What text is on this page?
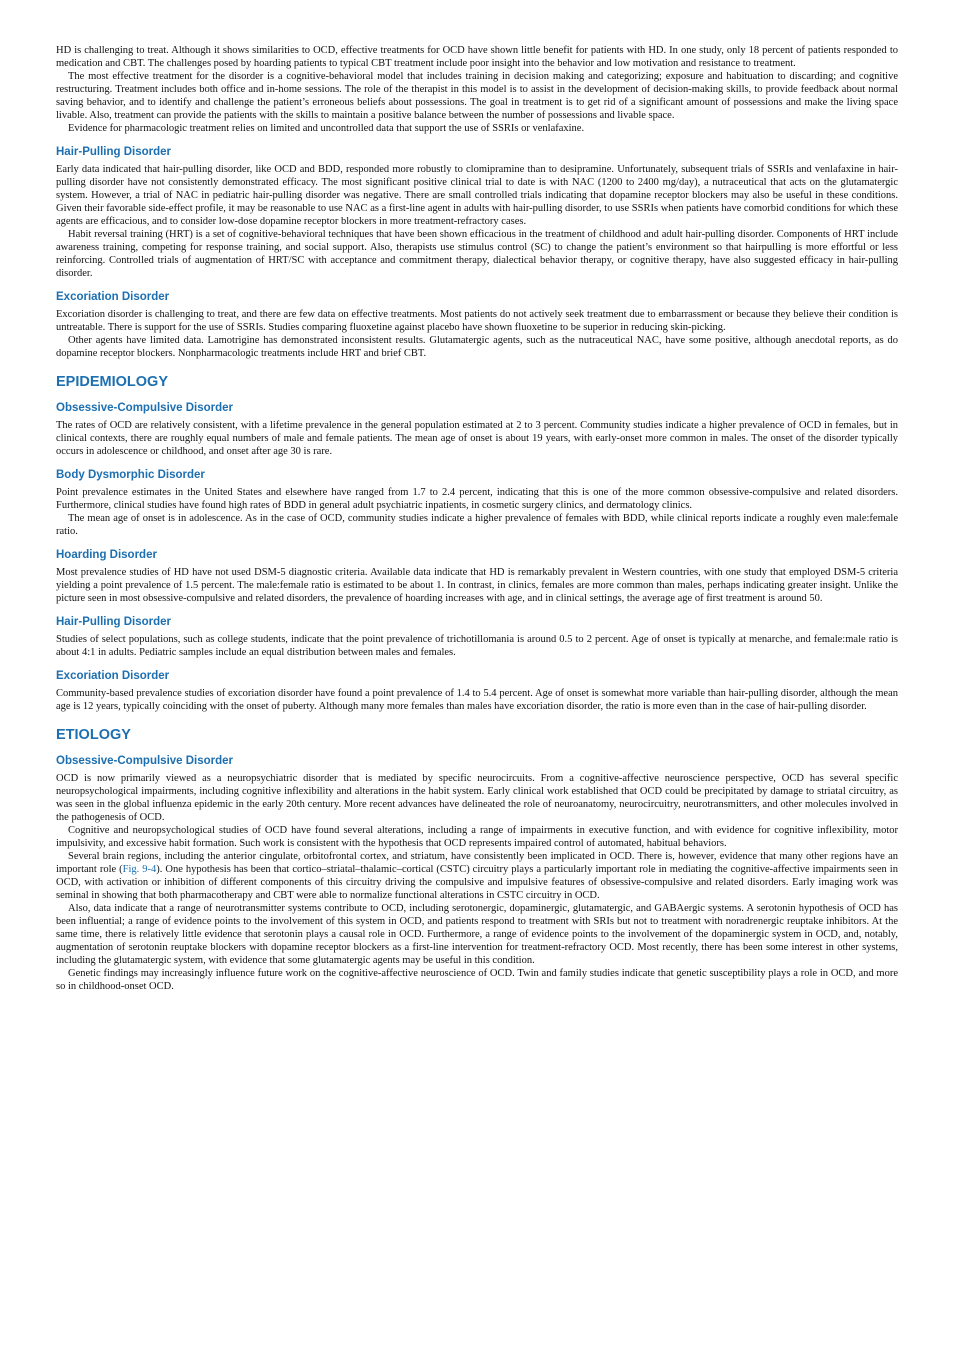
HD is challenging to treat. Although it shows similarities to OCD, effective treatments for OCD have shown little benefit for patients with HD. In one study, only 18 percent of patients responded to medication and CBT. The challenges posed by hoarding patients to typical CBT treatment include poor insight into the behavior and low motivation and resistance to treatment.

The most effective treatment for the disorder is a cognitive-behavioral model that includes training in decision making and categorizing; exposure and habituation to discarding; and cognitive restructuring. Treatment includes both office and in-home sessions. The role of the therapist in this model is to assist in the development of decision-making skills, to provide feedback about normal saving behavior, and to identify and challenge the patient’s erroneous beliefs about possessions. The goal in treatment is to get rid of a significant amount of possessions and make the living space livable. Also, treatment can provide the patients with the skills to maintain a positive balance between the number of possessions and livable space.

Evidence for pharmacologic treatment relies on limited and uncontrolled data that support the use of SSRIs or venlafaxine.

Hair-Pulling Disorder

Early data indicated that hair-pulling disorder, like OCD and BDD, responded more robustly to clomipramine than to desipramine. Unfortunately, subsequent trials of SSRIs and venlafaxine in hair-pulling disorder have not consistently demonstrated efficacy. The most significant positive clinical trial to date is with NAC (1200 to 2400 mg/day), a nutraceutical that acts on the glutamatergic system. However, a trial of NAC in pediatric hair-pulling disorder was negative. There are small controlled trials indicating that dopamine receptor blockers may also be useful in these conditions. Given their favorable side-effect profile, it may be reasonable to use NAC as a first-line agent in adults with hair-pulling disorder, to use SSRIs when patients have comorbid conditions for which these agents are efficacious, and to consider low-dose dopamine receptor blockers in more treatment-refractory cases.

Habit reversal training (HRT) is a set of cognitive-behavioral techniques that have been shown efficacious in the treatment of childhood and adult hair-pulling disorder. Components of HRT include awareness training, competing for response training, and social support. Also, therapists use stimulus control (SC) to change the patient’s environment so that hairpulling is more effortful or less reinforcing. Controlled trials of augmentation of HRT/SC with acceptance and commitment therapy, dialectical behavior therapy, or cognitive therapy, have also suggested efficacy in hair-pulling disorder.

Excoriation Disorder

Excoriation disorder is challenging to treat, and there are few data on effective treatments. Most patients do not actively seek treatment due to embarrassment or because they believe their condition is untreatable. There is support for the use of SSRIs. Studies comparing fluoxetine against placebo have shown fluoxetine to be superior in reducing skin-picking.

Other agents have limited data. Lamotrigine has demonstrated inconsistent results. Glutamatergic agents, such as the nutraceutical NAC, have some positive, although anecdotal reports, as do dopamine receptor blockers. Nonpharmacologic treatments include HRT and brief CBT.

EPIDEMIOLOGY
Obsessive-Compulsive Disorder

The rates of OCD are relatively consistent, with a lifetime prevalence in the general population estimated at 2 to 3 percent. Community studies indicate a higher prevalence of OCD in females, but in clinical contexts, there are roughly equal numbers of male and female patients. The mean age of onset is about 19 years, with early-onset more common in males. The onset of the disorder typically occurs in adolescence or childhood, and onset after age 30 is rare.

Body Dysmorphic Disorder

Point prevalence estimates in the United States and elsewhere have ranged from 1.7 to 2.4 percent, indicating that this is one of the more common obsessive-compulsive and related disorders. Furthermore, clinical studies have found high rates of BDD in general adult psychiatric inpatients, in cosmetic surgery clinics, and dermatology clinics.

The mean age of onset is in adolescence. As in the case of OCD, community studies indicate a higher prevalence of females with BDD, while clinical reports indicate a roughly even male:female ratio.

Hoarding Disorder

Most prevalence studies of HD have not used DSM-5 diagnostic criteria. Available data indicate that HD is remarkably prevalent in Western countries, with one study that employed DSM-5 criteria yielding a point prevalence of 1.5 percent. The male:female ratio is estimated to be about 1. In contrast, in clinics, females are more common than males, perhaps indicating greater insight. Unlike the picture seen in most obsessive-compulsive and related disorders, the prevalence of hoarding increases with age, and in clinical settings, the average age of first treatment is around 50.

Hair-Pulling Disorder

Studies of select populations, such as college students, indicate that the point prevalence of trichotillomania is around 0.5 to 2 percent. Age of onset is typically at menarche, and female:male ratio is about 4:1 in adults. Pediatric samples include an equal distribution between males and females.

Excoriation Disorder

Community-based prevalence studies of excoriation disorder have found a point prevalence of 1.4 to 5.4 percent. Age of onset is somewhat more variable than hair-pulling disorder, although the mean age is 12 years, typically coinciding with the onset of puberty. Although many more females than males have excoriation disorder, the ratio is more even than in the case of hair-pulling disorder.

ETIOLOGY
Obsessive-Compulsive Disorder

OCD is now primarily viewed as a neuropsychiatric disorder that is mediated by specific neurocircuits. From a cognitive-affective neuroscience perspective, OCD has several specific neuropsychological impairments, including cognitive inflexibility and alterations in the habit system. Early clinical work established that OCD could be precipitated by damage to striatal circuitry, as was seen in the global influenza epidemic in the early 20th century. More recent advances have delineated the role of neuroanatomy, neurocircuitry, neurotransmitters, and other molecules involved in the pathogenesis of OCD.

Cognitive and neuropsychological studies of OCD have found several alterations, including a range of impairments in executive function, and with evidence for cognitive inflexibility, motor impulsivity, and excessive habit formation. Such work is consistent with the hypothesis that OCD represents impaired control of automated, habitual behaviors.

Several brain regions, including the anterior cingulate, orbitofrontal cortex, and striatum, have consistently been implicated in OCD. There is, however, evidence that many other regions have an important role (Fig. 9-4). One hypothesis has been that cortico–striatal–thalamic–cortical (CSTC) circuitry plays a particularly important role in mediating the cognitive-affective impairments seen in OCD, with activation or inhibition of different components of this circuitry driving the compulsive and impulsive features of obsessive-compulsive and related disorders. Early imaging work was seminal in showing that both pharmacotherapy and CBT were able to normalize functional alterations in CSTC circuitry in OCD.

Also, data indicate that a range of neurotransmitter systems contribute to OCD, including serotonergic, dopaminergic, glutamatergic, and GABAergic systems. A serotonin hypothesis of OCD has been influential; a range of evidence points to the involvement of this system in OCD, and patients respond to treatment with SRIs but not to treatment with noradrenergic reuptake inhibitors. At the same time, there is relatively little evidence that serotonin plays a causal role in OCD. Furthermore, a range of evidence points to the involvement of the dopaminergic system in OCD, and, notably, augmentation of serotonin reuptake blockers with dopamine receptor blockers as a first-line intervention for treatment-refractory OCD. Most recently, there has been some interest in other systems, including the glutamatergic system, with evidence that some glutamatergic agents may be useful in this condition.

Genetic findings may increasingly influence future work on the cognitive-affective neuroscience of OCD. Twin and family studies indicate that genetic susceptibility plays a role in OCD, and more so in childhood-onset OCD.
